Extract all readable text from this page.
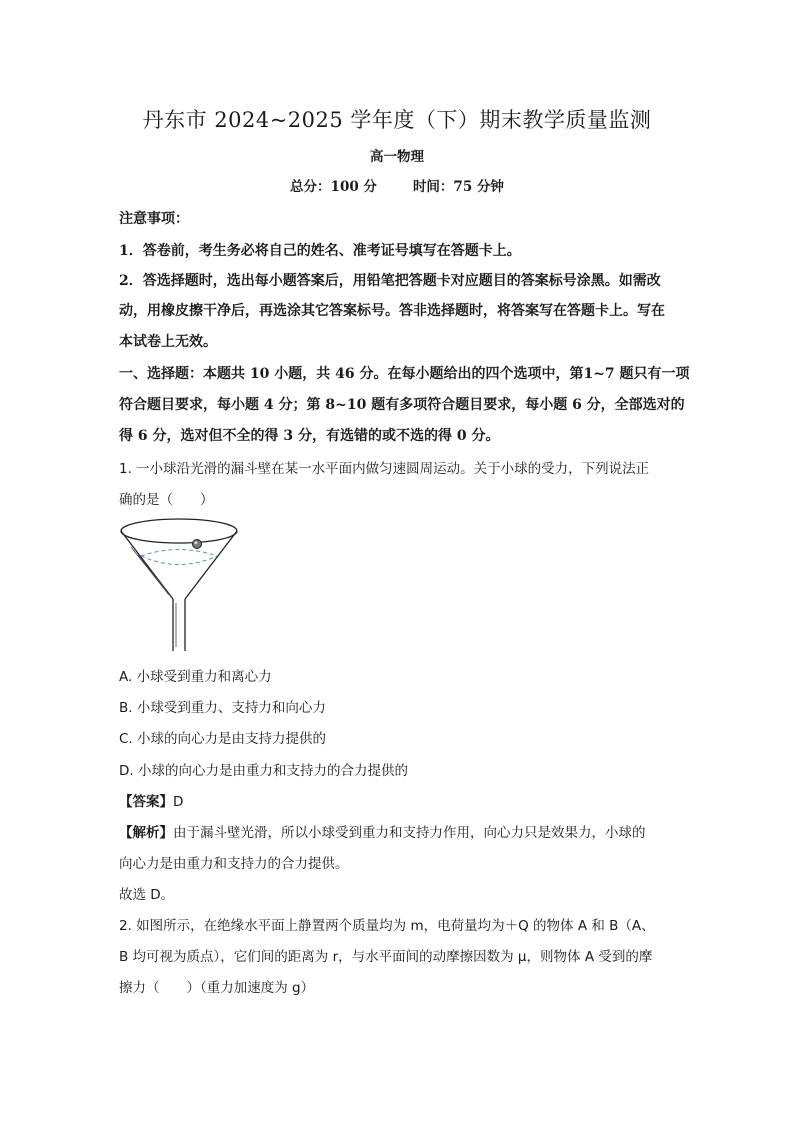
丹东市 2024~2025 学年度（下）期末教学质量监测
高一物理
总分：100 分	时间：75 分钟
注意事项：
1．答卷前，考生务必将自己的姓名、准考证号填写在答题卡上。
2．答选择题时，选出每小题答案后，用铅笔把答题卡对应题目的答案标号涂黑。如需改
动，用橡皮擦干净后，再选涂其它答案标号。答非选择题时，将答案写在答题卡上。写在
本试卷上无效。
一、选择题：本题共 10 小题，共 46 分。在每小题给出的四个选项中，第1~7 题只有一项
符合题目要求，每小题 4 分；第 8~10 题有多项符合题目要求，每小题 6 分，全部选对的
得 6 分，选对但不全的得 3 分，有选错的或不选的得 0 分。
1. 一小球沿光滑的漏斗壁在某一水平面内做匀速圆周运动。关于小球的受力，下列说法正
确的是（　　）
A. 小球受到重力和离心力
B. 小球受到重力、支持力和向心力
C. 小球的向心力是由支持力提供的
D. 小球的向心力是由重力和支持力的合力提供的
【答案】D
【解析】由于漏斗壁光滑，所以小球受到重力和支持力作用，向心力只是效果力，小球的
向心力是由重力和支持力的合力提供。
故选 D。
2. 如图所示，在绝缘水平面上静置两个质量均为 m，电荷量均为＋Q 的物体 A 和 B（A、
B 均可视为质点），它们间的距离为 r，与水平面间的动摩擦因数为 μ，则物体 A 受到的摩
擦力（　　）（重力加速度为 g）
